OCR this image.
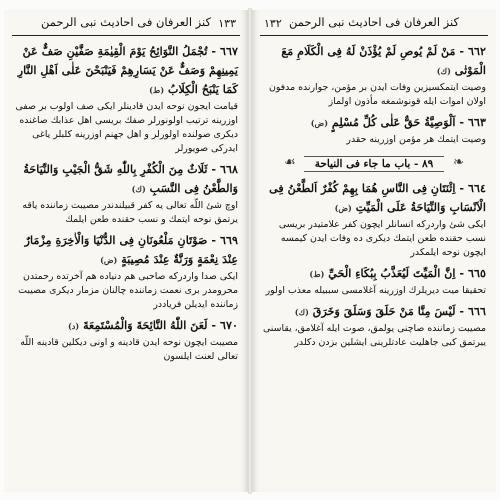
١٣٣
كنز العرفان فى احاديث نبى الرحمن
٦٦٧ - تُجْمَلُ النَّوَائِحُ يَوْمَ الْقِيٰمَةِ صَفَّيْنِ صَفٌّ عَنْ يَمِينِهِمْ وَصَفٌّ عَنْ يَسَارِهِمْ فَيَنْبَحْنَ عَلٰى اَهْلِ النَّارِ كَمَا يَنْبَحُ الْكِلَابُ (ط)
قيامت ايجون نوحه ايدن قادينلر ايكى صف اولوب بر صفى اوزرينه ترتيب اولونورلر صفك بريسى اهل عذابك صاغنده ديكرى صولنده اولورلر و اهل جهنم اوزرينه كلبلر ياغى ايدركى صويورلر
٦٦٨ - ثَلَاثٌ مِنَ الْكُفْرِ بِاللّٰهِ شَقُّ الْجَيْبِ وَالنِّيَاحَةُ وَالطَّعْنُ فِى النَّسَبِ (ك)
اوچ شئ اللّه تعالى يه كفر قبيلندندر مصيبت زماننده ياقه يرتمق نوحه ايتمك و نسب حقنده طعن ايلمك
٦٦٩ - صَوْتَانِ مَلْعُونَانِ فِى الدُّنْيَا وَالْاٰخِرَةِ مِزْمَارٌ عِنْدَ نِعْمَةٍ وَرَنَّةٌ عِنْدَ مُصِيبَةٍ (ض)
ايكى صدا واردركه صاحبى هم دنياده هم آخرتده رحمتدن محرومدر برى نعمت زماننده چالنان مزمار ديكرى مصيبت زماننده ايديلن فرياددر
٦٧٠ - لَعَنَ اللّٰهُ النَّائِحَةَ وَالْمُسْتَمِعَةَ (د)
مصيبت ايچون نوحه ايدن قادينه و اونى ديكلين قادينه اللّه تعالى لعنت ايلسون
١٣٢ كنز العرفان فى احاديث نبى الرحمن
٦٦٢ - مَنْ لَمْ يُوصِ لَمْ يُؤْذَنْ لَهُ فِى الْكَلَامِ مَعَ الْمَوْتٰى (ك)
وصيت ايتمكسيزين وفات ايدن بر مؤمن، جوارنده مدفون اولان اموات ايله قونوشمغه مأذون اولماز
٦٦٣ - اَلْوَصِيَّةُ حَقٌّ عَلٰى كُلِّ مُسْلِمٍ (ض)
وصيت ايتمك هر مؤمن اوزرينه حقدر
❧
٨٩ - باب ما جاء فى النياحة
☙
٦٦٤ - اِثْنَتَانِ فِى النَّاسِ هُمَا بِهِمْ كُفْرٌ اَلطَّعْنُ فِى الْاَنْسَابِ وَالنِّيَاحَةُ عَلَى الْمَيِّتِ (ض)
ايكى شئ واردركه انسانلر ايچون كفر علامتيدر بريسى نسب حقنده طعن ايتمك ديكرى ده وفات ايدن كيمسه ايچون نوحه ايلمكدر
٦٦٥ - اِنَّ الْمَيِّتَ لَيُعَذَّبُ بِبُكَاءِ الْحَيِّ (ط)
تحقيقا ميت ديريلرك اوزرينه آغلامسى سببيله معذب اولور
٦٦٦ - لَيْسَ مِنَّا مَنْ حَلَقَ وَسَلَقَ وَخَرَقَ (ك)
مصيبت زماننده صاچنى يولمق، صوت ايله آغلامق، يقاسنى ييرتمق كبى جاهليت عادتلرينى ايشلين بزدن دكلدر
